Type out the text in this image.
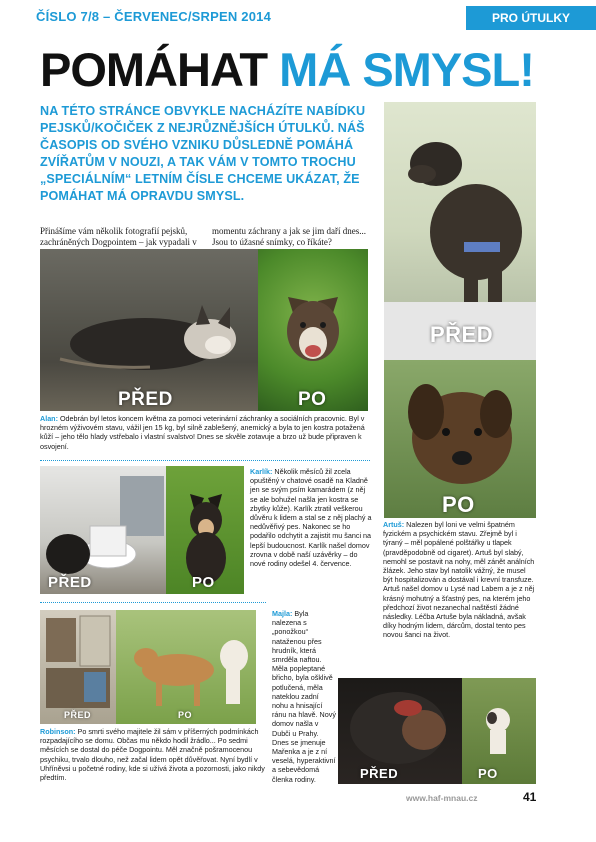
ČÍSLO 7/8 – ČERVENEC/SRPEN 2014	PRO ÚTULKY
POMÁHAT MÁ SMYSL!

NA TÉTO STRÁNCE OBVYKLE NACHÁZÍTE NABÍDKU PEJSKŮ/KOČIČEK Z NEJRŮZNĚJŠÍCH ÚTULKŮ. NÁŠ ČASOPIS OD SVÉHO VZNIKU DŮSLEDNĚ POMÁHÁ ZVÍŘATŮM V NOUZI, A TAK VÁM V TOMTO TROCHU „SPECIÁLNÍM“ LETNÍM ČÍSLE CHCEME UKÁZAT, ŽE POMÁHAT MÁ OPRAVDU SMYSL.

Přinášíme vám několik fotografií pejsků, zachráněných Dogpointem – jak vypadali v momentu záchrany a jak se jim daří dnes... Jsou to úžasné snímky, co říkáte?

PŘED	PO

Alan: Odebrán byl letos koncem května za pomoci veterinární záchranky a sociálních pracovnic. Byl v hrozném výživovém stavu, vážil jen 15 kg, byl silně zablešený, anemický a byla to jen kostra potažená kůží – jeho tělo hlady vstřebalo i vlastní svalstvo! Dnes se skvěle zotavuje a brzo už bude připraven k osvojení.

PŘED	PO

Karlík: Několik měsíců žil zcela opuštěný v chatové osadě na Kladně jen se svým psím kamarádem (z něj se ale bohužel našla jen kostra se zbytky kůže). Karlík ztratil veškerou důvěru k lidem a stal se z něj plachý a nedůvěřivý pes. Nakonec se ho podařilo odchytit a zajistit mu šanci na lepší budoucnost. Karlík našel domov zrovna v době naší uzávěrky – do nové rodiny odešel 4. července.

PŘED
PO

Artuš: Nalezen byl loni ve velmi špatném fyzickém a psychickém stavu. Zřejmě byl i týraný – měl popálené polštářky u tlapek (pravděpodobně od cigaret). Artuš byl slabý, nemohl se postavit na nohy, měl zánět análních žlázek. Jeho stav byl natolik vážný, že musel být hospitalizován a dostával i krevní transfuze. Artuš našel domov u Lysé nad Labem a je z něj krásný mohutný a šťastný pes, na kterém jeho předchozí život nezanechal naštěstí žádné následky. Léčba Artuše byla nákladná, avšak díky hodným lidem, dárcům, dostal tento pes novou šanci na život.

PŘED	PO

Robinson: Po smrti svého majitele žil sám v příšerných podmínkách rozpadajícího se domu. Občas mu někdo hodil žrádlo... Po sedmi měsících se dostal do péče Dogpointu. Měl značně pošramocenou psychiku, trvalo dlouho, než začal lidem opět důvěřovat. Nyní bydlí v Uhříněvsi u početné rodiny, kde si užívá života a pozornosti, jako nikdy předtím.

Majla: Byla nalezena s „ponožkou“ nataženou přes hrudník, která smrděla naftou. Měla popleptané břicho, byla ošklivě potlučená, měla nateklou zadní nohu a hnisající ránu na hlavě. Nový domov našla v Dubči u Prahy. Dnes se jmenuje Mařenka a je z ní veselá, hyperaktivní a sebevědomá členka rodiny.	PŘED	PO
www.haf-mnau.cz	41
